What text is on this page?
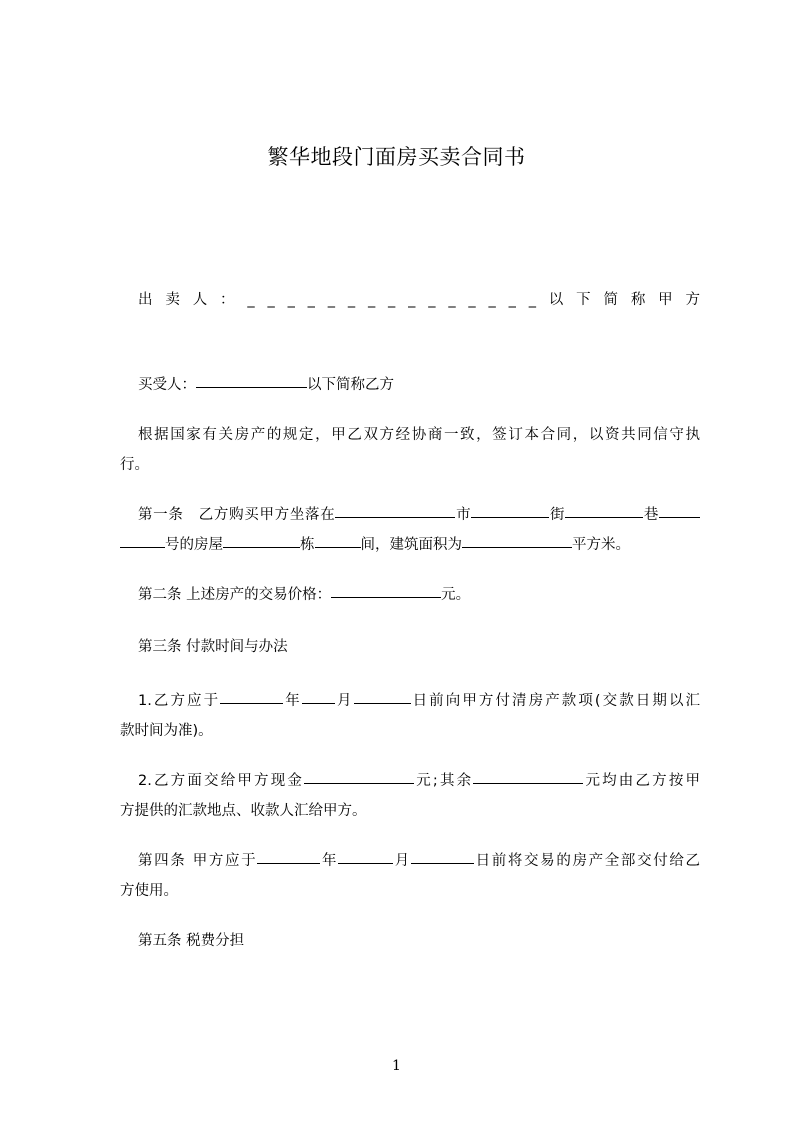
繁华地段门面房买卖合同书
出 卖 人 ： _ _ _ _ _ _ _ _ _ _ _ _ _ _ _ 以 下 简 称 甲 方
买受人：	以下简称乙方
根据国家有关房产的规定，甲乙双方经协商一致，签订本合同，以资共同信守执
行。
第一条　乙方购买甲方坐落在	市	街	巷
号的房屋	栋	间，建筑面积为	平方米。
第二条 上述房产的交易价格：	元。
第三条 付款时间与办法
1.乙方应于	年 月	日前向甲方付清房产款项(交款日期以汇
款时间为准)。
2.乙方面交给甲方现金	元;其余	元均由乙方按甲
方提供的汇款地点、收款人汇给甲方。
第四条 甲方应于	年	月	日前将交易的房产全部交付给乙
方使用。
第五条 税费分担
1
